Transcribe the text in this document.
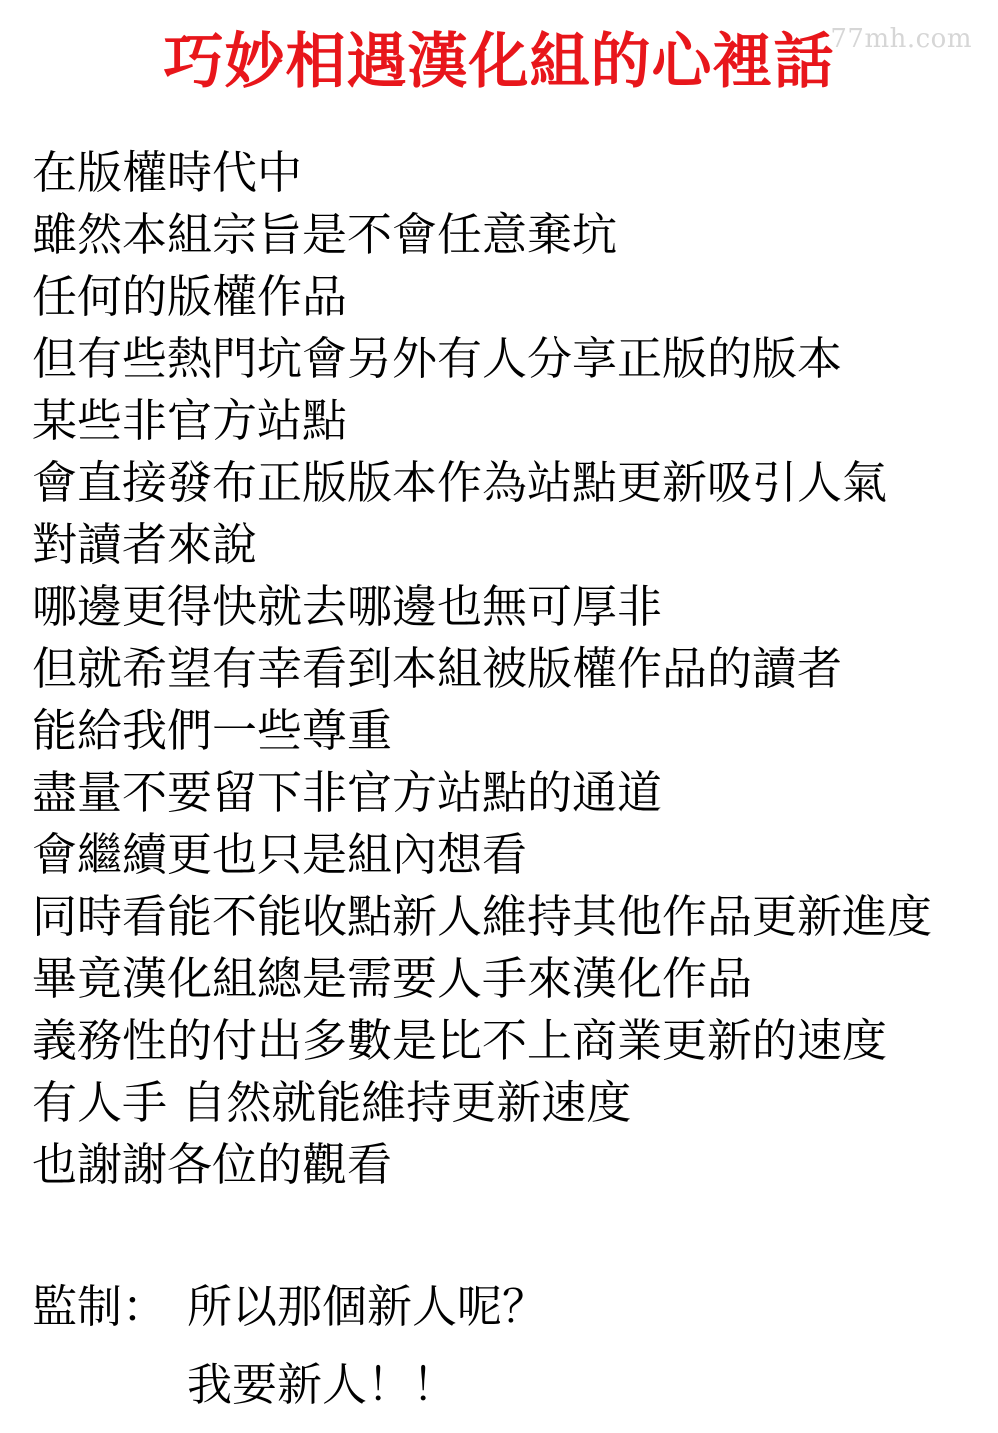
77mh.com
巧妙相遇漢化組的心裡話
在版權時代中
雖然本組宗旨是不會任意棄坑
任何的版權作品
但有些熱門坑會另外有人分享正版的版本
某些非官方站點
會直接發布正版版本作為站點更新吸引人氣
對讀者來說
哪邊更得快就去哪邊也無可厚非
但就希望有幸看到本組被版權作品的讀者
能給我們一些尊重
盡量不要留下非官方站點的通道
會繼續更也只是組內想看
同時看能不能收點新人維持其他作品更新進度
畢竟漢化組總是需要人手來漢化作品
義務性的付出多數是比不上商業更新的速度
有人手 自然就能維持更新速度
也謝謝各位的觀看
監制： 所以那個新人呢？
我要新人！！
